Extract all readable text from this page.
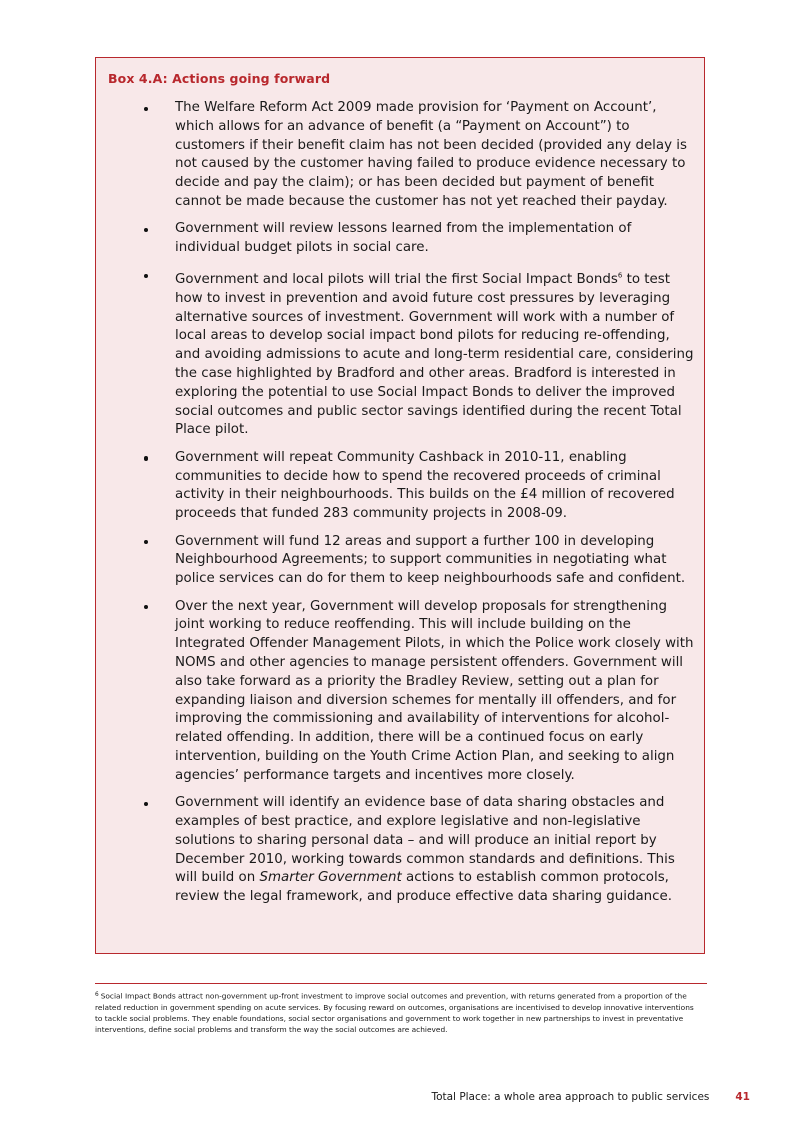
Box 4.A: Actions going forward
The Welfare Reform Act 2009 made provision for ‘Payment on Account’, which allows for an advance of benefit (a “Payment on Account”) to customers if their benefit claim has not been decided (provided any delay is not caused by the customer having failed to produce evidence necessary to decide and pay the claim); or has been decided but payment of benefit cannot be made because the customer has not yet reached their payday.
Government will review lessons learned from the implementation of individual budget pilots in social care.
Government and local pilots will trial the first Social Impact Bonds$^6$ to test how to invest in prevention and avoid future cost pressures by leveraging alternative sources of investment. Government will work with a number of local areas to develop social impact bond pilots for reducing re-offending, and avoiding admissions to acute and long-term residential care, considering the case highlighted by Bradford and other areas. Bradford is interested in exploring the potential to use Social Impact Bonds to deliver the improved social outcomes and public sector savings identified during the recent Total Place pilot.
Government will repeat Community Cashback in 2010-11, enabling communities to decide how to spend the recovered proceeds of criminal activity in their neighbourhoods. This builds on the £4 million of recovered proceeds that funded 283 community projects in 2008-09.
Government will fund 12 areas and support a further 100 in developing Neighbourhood Agreements; to support communities in negotiating what police services can do for them to keep neighbourhoods safe and confident.
Over the next year, Government will develop proposals for strengthening joint working to reduce reoffending. This will include building on the Integrated Offender Management Pilots, in which the Police work closely with NOMS and other agencies to manage persistent offenders. Government will also take forward as a priority the Bradley Review, setting out a plan for expanding liaison and diversion schemes for mentally ill offenders, and for improving the commissioning and availability of interventions for alcohol-related offending. In addition, there will be a continued focus on early intervention, building on the Youth Crime Action Plan, and seeking to align agencies’ performance targets and incentives more closely.
Government will identify an evidence base of data sharing obstacles and examples of best practice, and explore legislative and non-legislative solutions to sharing personal data – and will produce an initial report by December 2010, working towards common standards and definitions. This will build on Smarter Government actions to establish common protocols, review the legal framework, and produce effective data sharing guidance.
$^6$ Social Impact Bonds attract non-government up-front investment to improve social outcomes and prevention, with returns generated from a proportion of the related reduction in government spending on acute services. By focusing reward on outcomes, organisations are incentivised to develop innovative interventions to tackle social problems. They enable foundations, social sector organisations and government to work together in new partnerships to invest in preventative interventions, define social problems and transform the way the social outcomes are achieved.
Total Place: a whole area approach to public services 41
